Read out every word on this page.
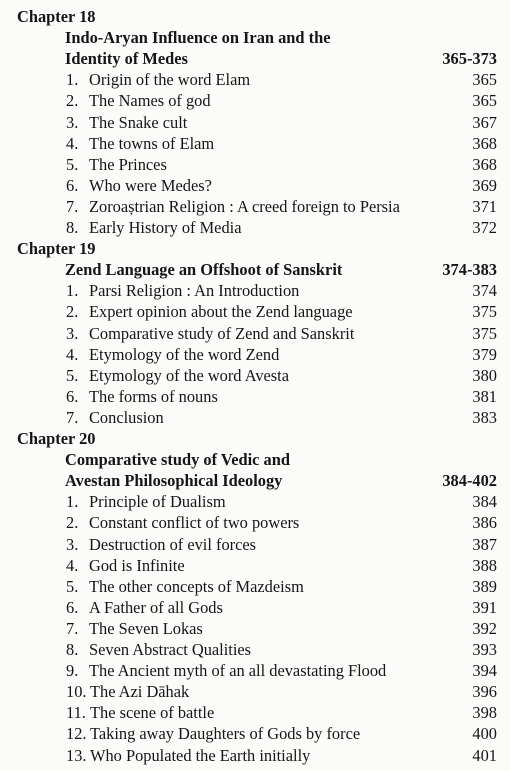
Chapter 18
Indo-Aryan Influence on Iran and the
Identity of Medes	365-373
1. Origin of the word Elam	365
2. The Names of god	365
3. The Snake cult	367
4. The towns of Elam	368
5. The Princes	368
6. Who were Medes?	369
7. Zoroaștrian Religion : A creed foreign to Persia	371
8. Early History of Media	372
Chapter 19
Zend Language an Offshoot of Sanskrit	374-383
1. Parsi Religion : An Introduction	374
2. Expert opinion about the Zend language	375
3. Comparative study of Zend and Sanskrit	375
4. Etymology of the word Zend	379
5. Etymology of the word Avesta	380
6. The forms of nouns	381
7. Conclusion	383
Chapter 20
Comparative study of Vedic and
Avestan Philosophical Ideology	384-402
1. Principle of Dualism	384
2. Constant conflict of two powers	386
3. Destruction of evil forces	387
4. God is Infinite	388
5. The other concepts of Mazdeism	389
6. A Father of all Gods	391
7. The Seven Lokas	392
8. Seven Abstract Qualities	393
9. The Ancient myth of an all devastating Flood	394
10. The Azi Dāhak	396
11. The scene of battle	398
12. Taking away Daughters of Gods by force	400
13. Who Populated the Earth initially	401
